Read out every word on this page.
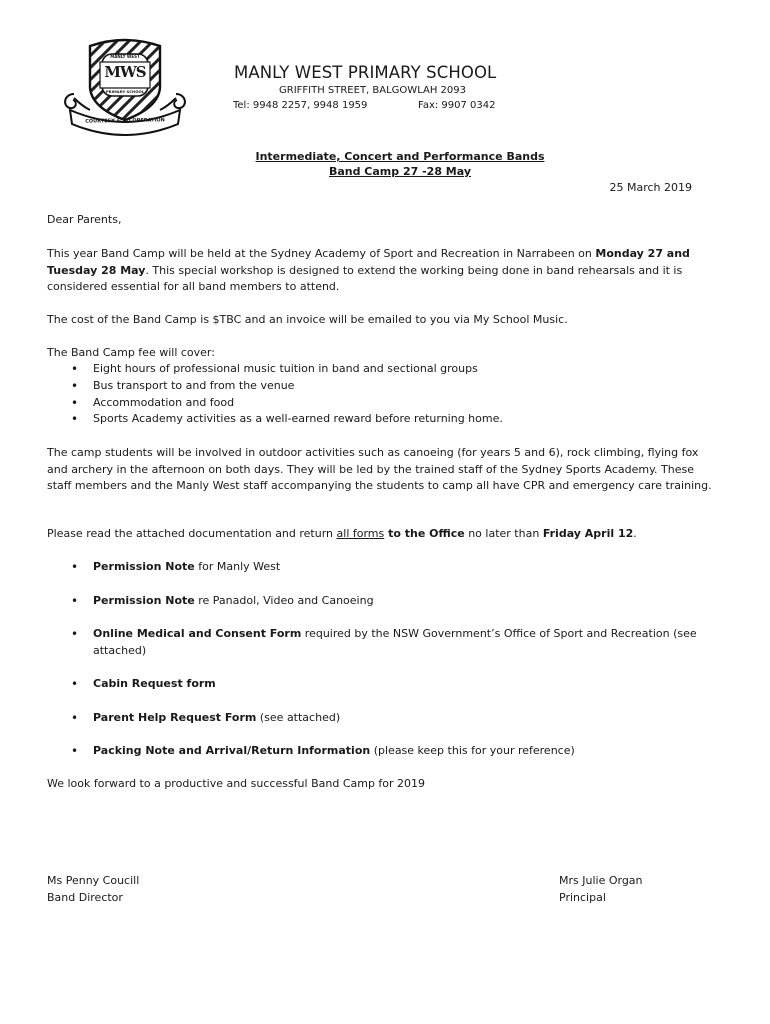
MANLY WEST
MWS
PRIMARY SCHOOL
COURTESY & CO OPERATION
MANLY WEST PRIMARY SCHOOL
GRIFFITH STREET, BALGOWLAH 2093
Tel: 9948 2257, 9948 1959	Fax: 9907 0342
Intermediate, Concert and Performance Bands
Band Camp 27 -28 May
25 March 2019
Dear Parents,
This year Band Camp will be held at the Sydney Academy of Sport and Recreation in Narrabeen on Monday 27 and Tuesday 28 May. This special workshop is designed to extend the working being done in band rehearsals and it is considered essential for all band members to attend.
The cost of the Band Camp is $TBC and an invoice will be emailed to you via My School Music.
The Band Camp fee will cover:
• Eight hours of professional music tuition in band and sectional groups
• Bus transport to and from the venue
• Accommodation and food
• Sports Academy activities as a well-earned reward before returning home.
The camp students will be involved in outdoor activities such as canoeing (for years 5 and 6), rock climbing, flying fox and archery in the afternoon on both days. They will be led by the trained staff of the Sydney Sports Academy. These staff members and the Manly West staff accompanying the students to camp all have CPR and emergency care training.
Please read the attached documentation and return all forms to the Office no later than Friday April 12.
• Permission Note for Manly West
• Permission Note re Panadol, Video and Canoeing
• Online Medical and Consent Form required by the NSW Government’s Office of Sport and Recreation (see attached)
• Cabin Request form
• Parent Help Request Form (see attached)
• Packing Note and Arrival/Return Information (please keep this for your reference)
We look forward to a productive and successful Band Camp for 2019
Ms Penny Coucill
Band Director
Mrs Julie Organ
Principal
